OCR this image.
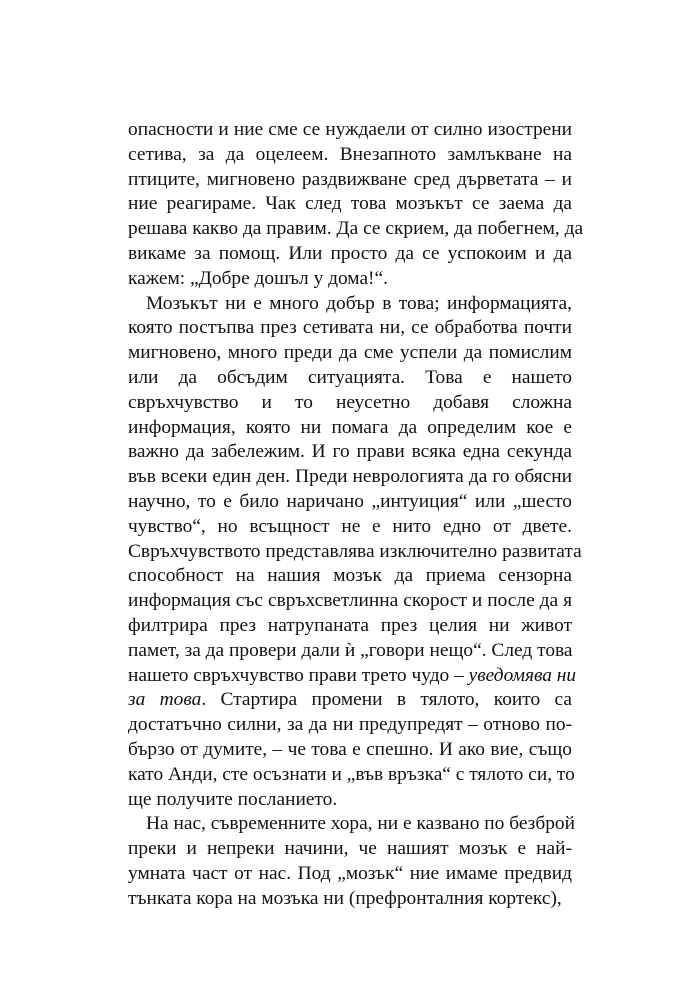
опасности и ние сме се нуждаели от силно изострени
сетива, за да оцелеем. Внезапното замлъкване на
птиците, мигновено раздвижване сред дърветата – и
ние реагираме. Чак след това мозъкът се заема да
решава какво да правим. Да се скрием, да побегнем, да
викаме за помощ. Или просто да се успокоим и да
кажем: „Добре дошъл у дома!“.
Мозъкът ни е много добър в това; информацията,
която постъпва през сетивата ни, се обработва почти
мигновено, много преди да сме успели да помислим
или да обсъдим ситуацията. Това е нашето
свръхчувство и то неусетно добавя сложна
информация, която ни помага да определим кое е
важно да забележим. И го прави всяка една секунда
във всеки един ден. Преди неврологията да го обясни
научно, то е било наричано „интуиция“ или „шесто
чувство“, но всъщност не е нито едно от двете.
Свръхчувството представлява изключително развитата
способност на нашия мозък да приема сензорна
информация със свръхсветлинна скорост и после да я
филтрира през натрупаната през целия ни живот
памет, за да провери дали ѝ „говори нещо“. След това
нашето свръхчувство прави трето чудо – уведомява ни
за това. Стартира промени в тялото, които са
достатъчно силни, за да ни предупредят – отново по-
бързо от думите, – че това е спешно. И ако вие, също
като Анди, сте осъзнати и „във връзка“ с тялото си, то
ще получите посланието.
На нас, съвременните хора, ни е казвано по безброй
преки и непреки начини, че нашият мозък е най-
умната част от нас. Под „мозък“ ние имаме предвид
тънката кора на мозъка ни (префронталния кортекс),
